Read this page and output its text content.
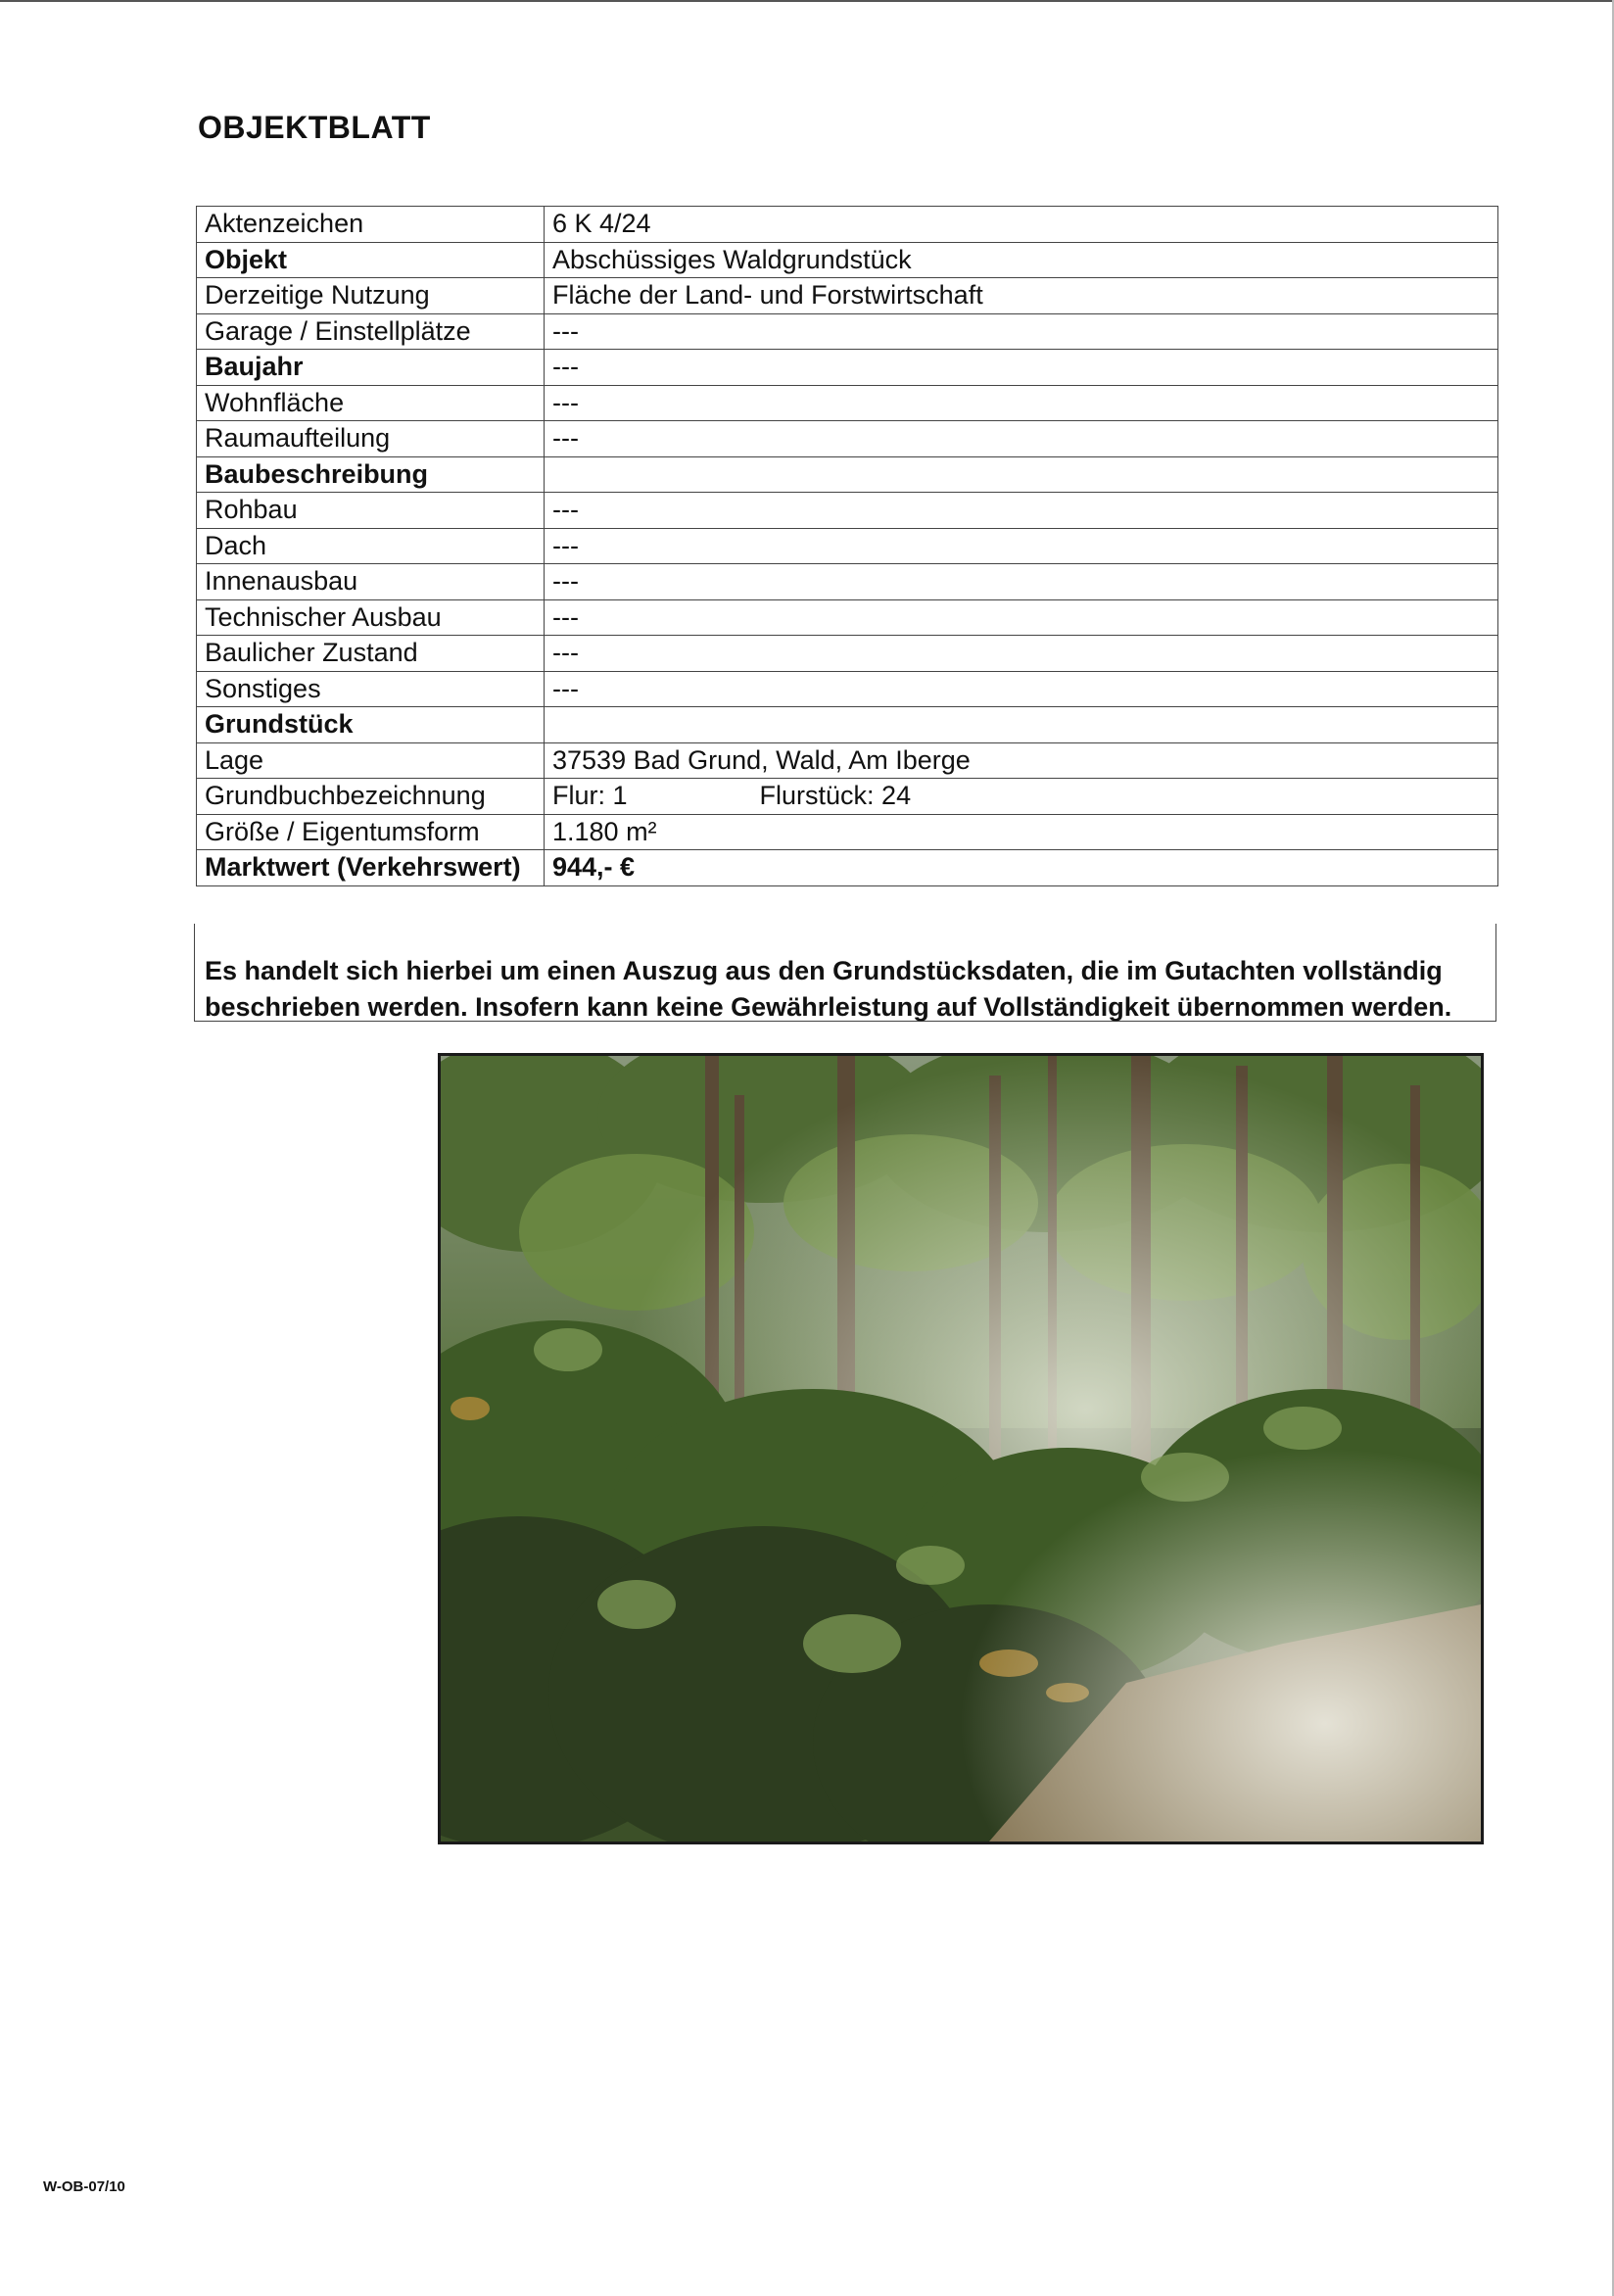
OBJEKTBLATT
Aktenzeichen	6 K 4/24
Objekt	Abschüssiges Waldgrundstück
Derzeitige Nutzung	Fläche der Land- und Forstwirtschaft
Garage / Einstellplätze	---
Baujahr	---
Wohnfläche	---
Raumaufteilung	---
Baubeschreibung	
Rohbau	---
Dach	---
Innenausbau	---
Technischer Ausbau	---
Baulicher Zustand	---
Sonstiges	---
Grundstück	
Lage	37539 Bad Grund, Wald, Am Iberge
Grundbuchbezeichnung	Flur: 1 Flurstück: 24
Größe / Eigentumsform	1.180 m²
Marktwert (Verkehrswert)	944,- €
Es handelt sich hierbei um einen Auszug aus den Grundstücksdaten, die im Gutachten vollständig beschrieben werden. Insofern kann keine Gewährleistung auf Vollständigkeit übernommen werden.
W-OB-07/10
